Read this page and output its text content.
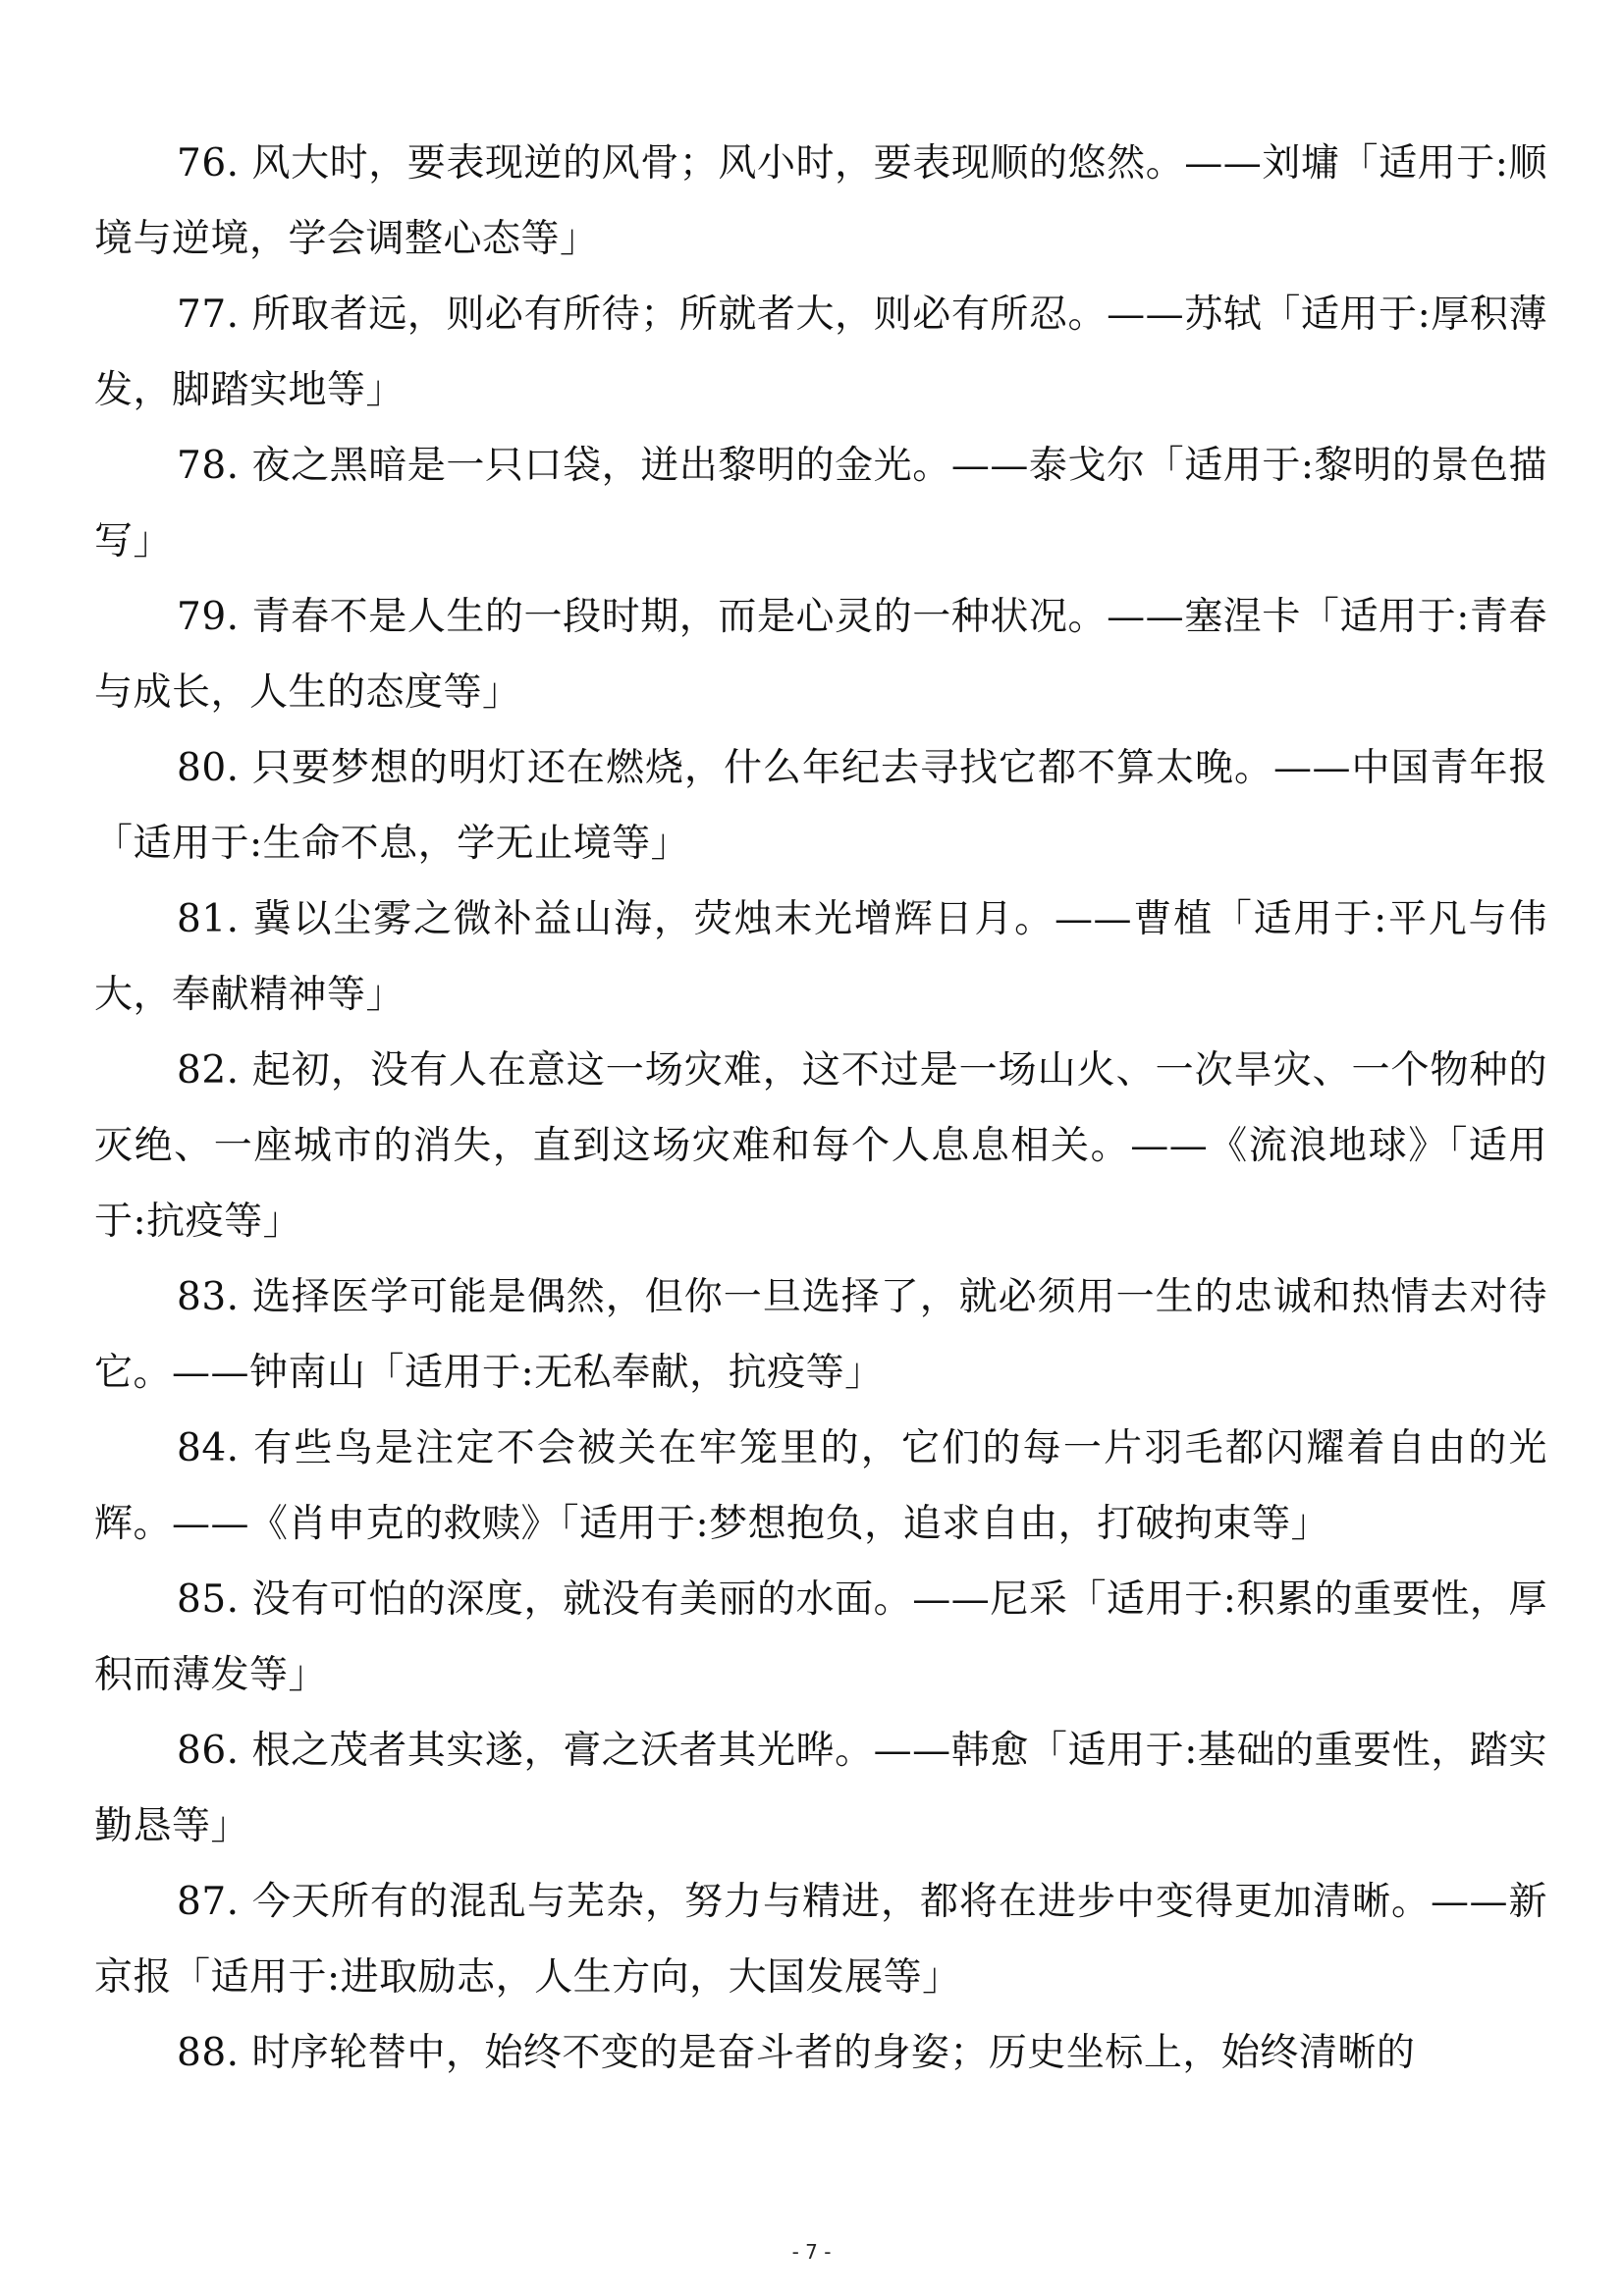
76. 风大时，要表现逆的风骨；风小时，要表现顺的悠然。——刘墉「适用于:顺境与逆境，学会调整心态等」

77. 所取者远，则必有所待；所就者大，则必有所忍。——苏轼「适用于:厚积薄发，脚踏实地等」

78. 夜之黑暗是一只口袋，迸出黎明的金光。——泰戈尔「适用于:黎明的景色描写」

79. 青春不是人生的一段时期，而是心灵的一种状况。——塞涅卡「适用于:青春与成长，人生的态度等」

80. 只要梦想的明灯还在燃烧，什么年纪去寻找它都不算太晚。——中国青年报「适用于:生命不息，学无止境等」

81. 冀以尘雾之微补益山海，荧烛末光增辉日月。——曹植「适用于:平凡与伟大，奉献精神等」

82. 起初，没有人在意这一场灾难，这不过是一场山火、一次旱灾、一个物种的灭绝、一座城市的消失，直到这场灾难和每个人息息相关。——《流浪地球》「适用于:抗疫等」

83. 选择医学可能是偶然，但你一旦选择了，就必须用一生的忠诚和热情去对待它。——钟南山「适用于:无私奉献，抗疫等」

84. 有些鸟是注定不会被关在牢笼里的，它们的每一片羽毛都闪耀着自由的光辉。——《肖申克的救赎》「适用于:梦想抱负，追求自由，打破拘束等」

85. 没有可怕的深度，就没有美丽的水面。——尼采「适用于:积累的重要性，厚积而薄发等」

86. 根之茂者其实遂，膏之沃者其光晔。——韩愈「适用于:基础的重要性，踏实勤恳等」

87. 今天所有的混乱与芜杂，努力与精进，都将在进步中变得更加清晰。——新京报「适用于:进取励志，人生方向，大国发展等」

88. 时序轮替中，始终不变的是奋斗者的身姿；历史坐标上，始终清晰的

- 7 -
